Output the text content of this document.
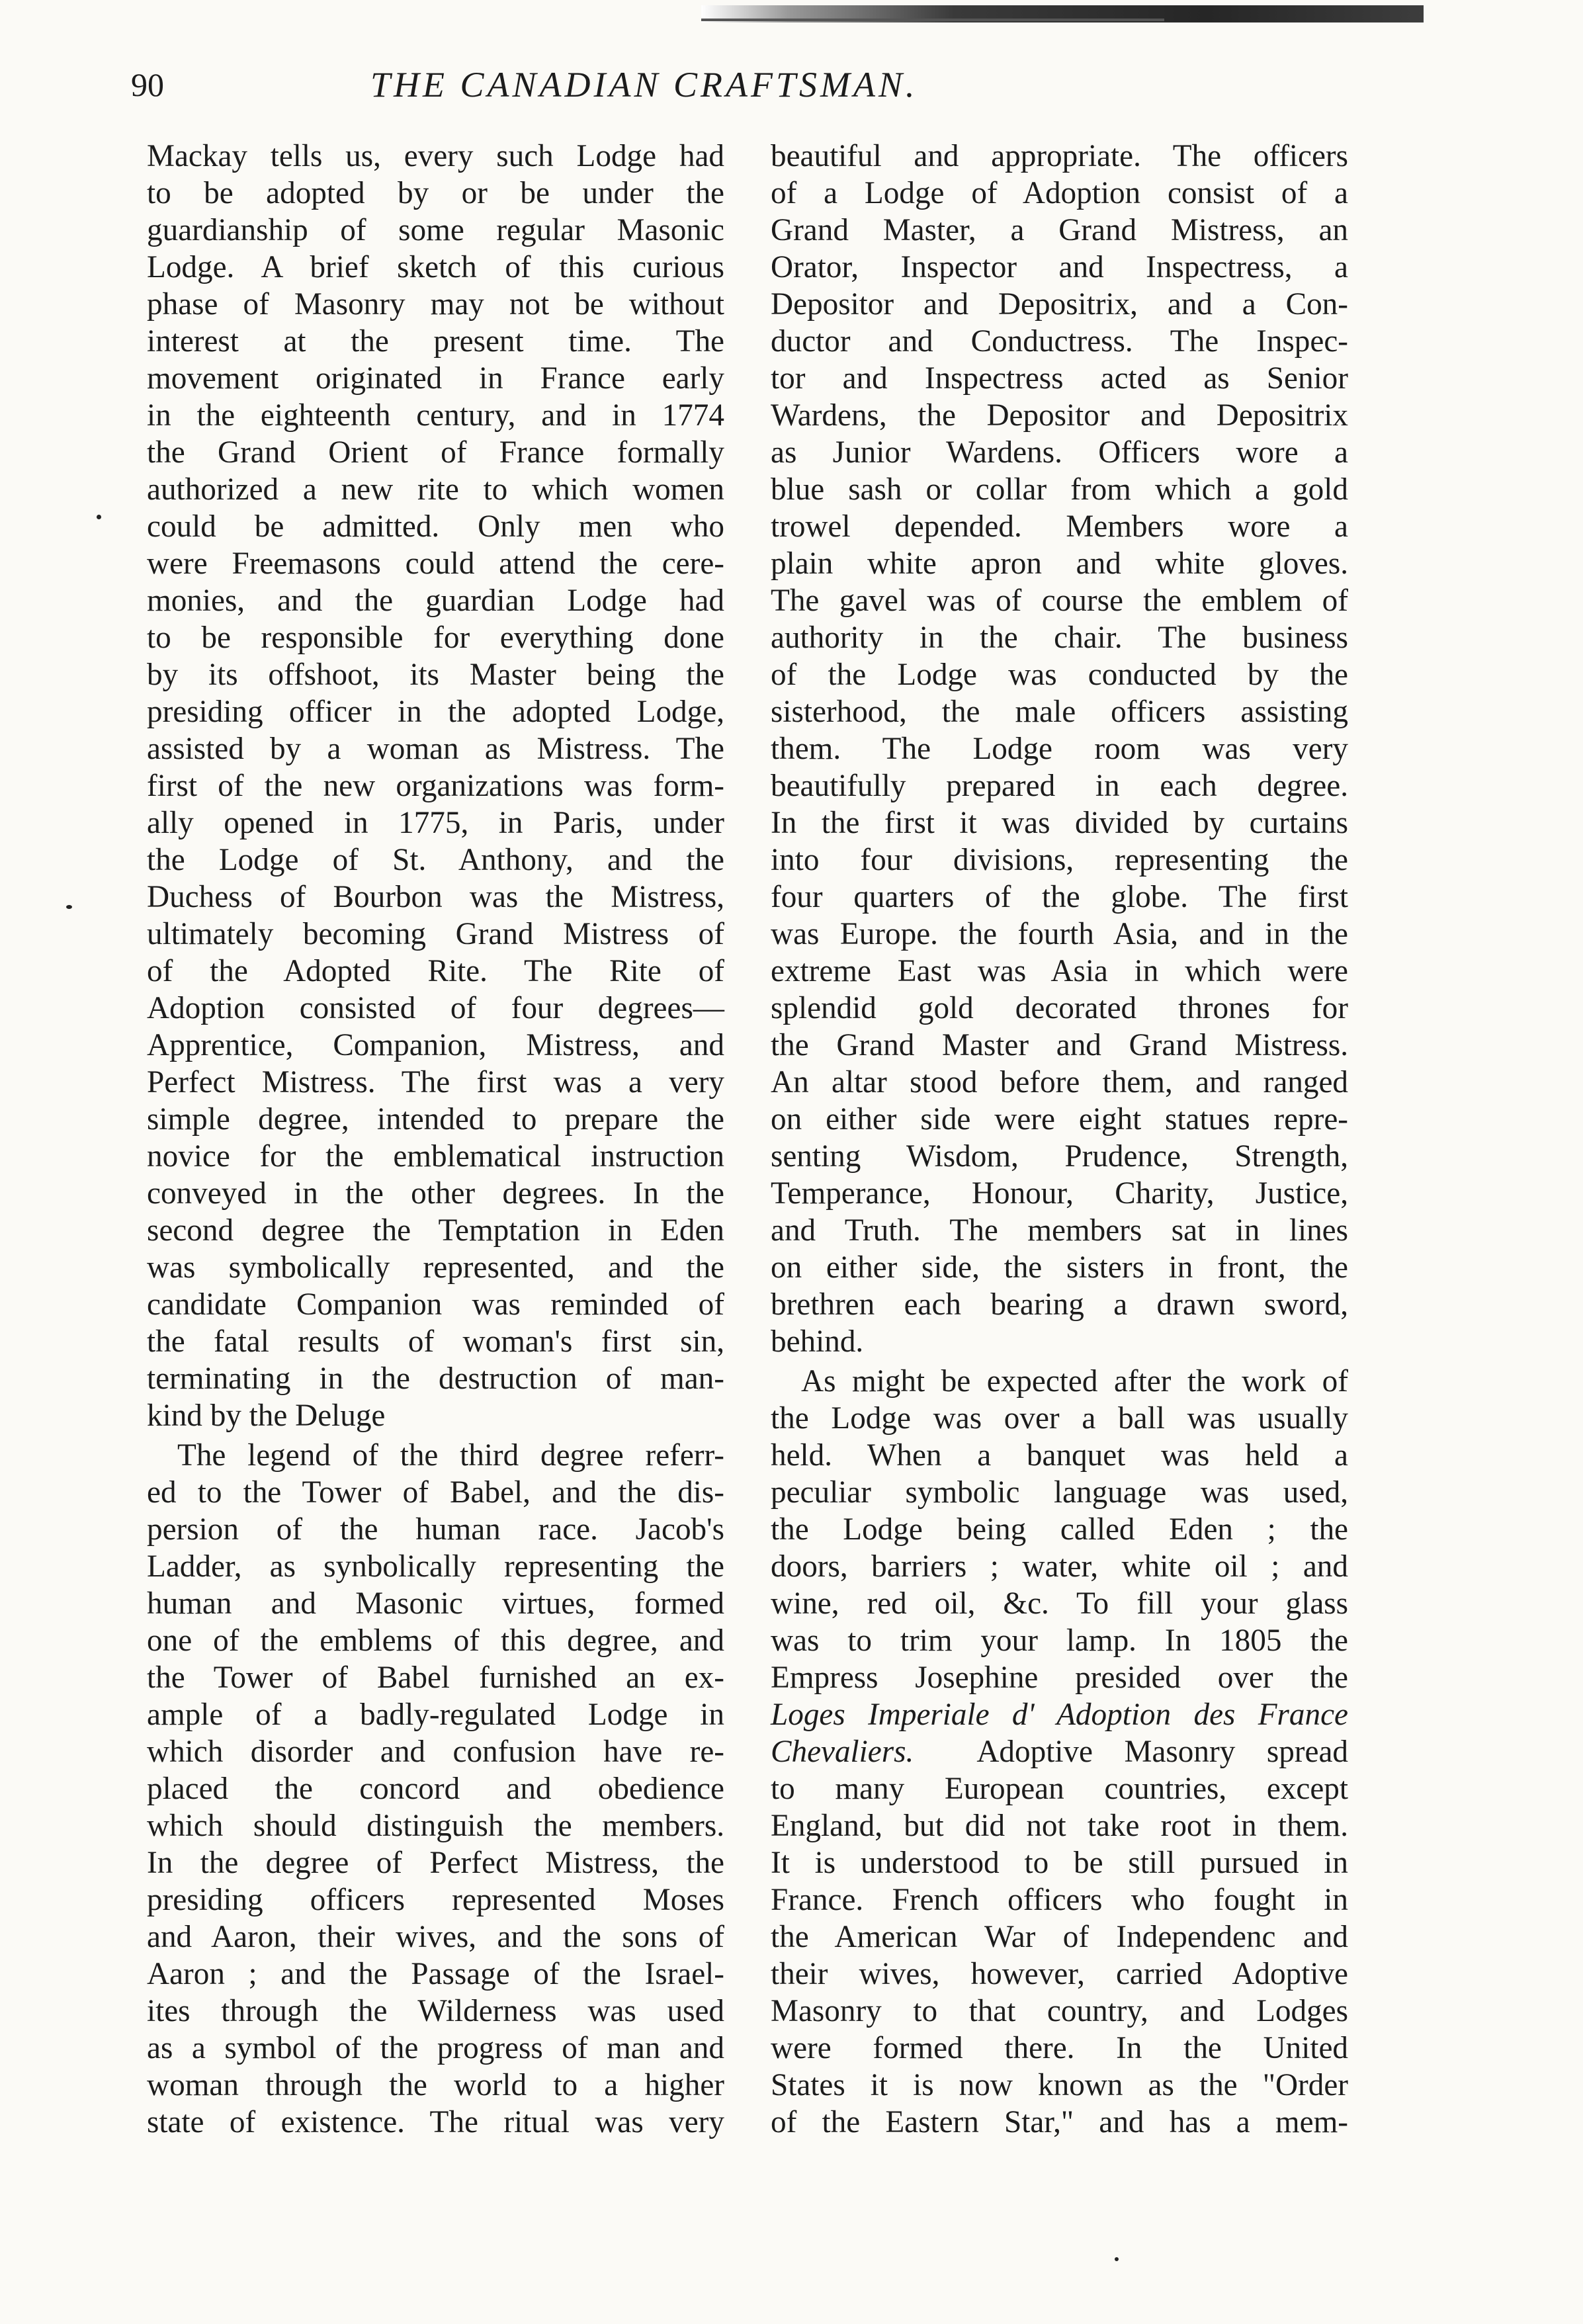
90	THE CANADIAN CRAFTSMAN.
Mackay tells us, every such Lodge had
to be adopted by or be under the
guardianship of some regular Masonic
Lodge. A brief sketch of this curious
phase of Masonry may not be without
interest at the present time. The
movement originated in France early
in the eighteenth century, and in 1774
the Grand Orient of France formally
authorized a new rite to which women
could be admitted. Only men who
were Freemasons could attend the cere-
monies, and the guardian Lodge had
to be responsible for everything done
by its offshoot, its Master being the
presiding officer in the adopted Lodge,
assisted by a woman as Mistress. The
first of the new organizations was form-
ally opened in 1775, in Paris, under
the Lodge of St. Anthony, and the
Duchess of Bourbon was the Mistress,
ultimately becoming Grand Mistress of
of the Adopted Rite. The Rite of
Adoption consisted of four degrees—
Apprentice, Companion, Mistress, and
Perfect Mistress. The first was a very
simple degree, intended to prepare the
novice for the emblematical instruction
conveyed in the other degrees. In the
second degree the Temptation in Eden
was symbolically represented, and the
candidate Companion was reminded of
the fatal results of woman's first sin,
terminating in the destruction of man-
kind by the Deluge
The legend of the third degree referr-
ed to the Tower of Babel, and the dis-
persion of the human race. Jacob's
Ladder, as synbolically representing the
human and Masonic virtues, formed
one of the emblems of this degree, and
the Tower of Babel furnished an ex-
ample of a badly-regulated Lodge in
which disorder and confusion have re-
placed the concord and obedience
which should distinguish the members.
In the degree of Perfect Mistress, the
presiding officers represented Moses
and Aaron, their wives, and the sons of
Aaron ; and the Passage of the Israel-
ites through the Wilderness was used
as a symbol of the progress of man and
woman through the world to a higher
state of existence. The ritual was very
beautiful and appropriate. The officers
of a Lodge of Adoption consist of a
Grand Master, a Grand Mistress, an
Orator, Inspector and Inspectress, a
Depositor and Depositrix, and a Con-
ductor and Conductress. The Inspec-
tor and Inspectress acted as Senior
Wardens, the Depositor and Depositrix
as Junior Wardens. Officers wore a
blue sash or collar from which a gold
trowel depended. Members wore a
plain white apron and white gloves.
The gavel was of course the emblem of
authority in the chair. The business
of the Lodge was conducted by the
sisterhood, the male officers assisting
them. The Lodge room was very
beautifully prepared in each degree.
In the first it was divided by curtains
into four divisions, representing the
four quarters of the globe. The first
was Europe. the fourth Asia, and in the
extreme East was Asia in which were
splendid gold decorated thrones for
the Grand Master and Grand Mistress.
An altar stood before them, and ranged
on either side were eight statues repre-
senting Wisdom, Prudence, Strength,
Temperance, Honour, Charity, Justice,
and Truth. The members sat in lines
on either side, the sisters in front, the
brethren each bearing a drawn sword,
behind.
As might be expected after the work of
the Lodge was over a ball was usually
held. When a banquet was held a
peculiar symbolic language was used,
the Lodge being called Eden ; the
doors, barriers ; water, white oil ; and
wine, red oil, &c. To fill your glass
was to trim your lamp. In 1805 the
Empress Josephine presided over the
Loges Imperiale d' Adoption des France
Chevaliers. Adoptive Masonry spread
to many European countries, except
England, but did not take root in them.
It is understood to be still pursued in
France. French officers who fought in
the American War of Independenc and
their wives, however, carried Adoptive
Masonry to that country, and Lodges
were formed there. In the United
States it is now known as the "Order
of the Eastern Star," and has a mem-
